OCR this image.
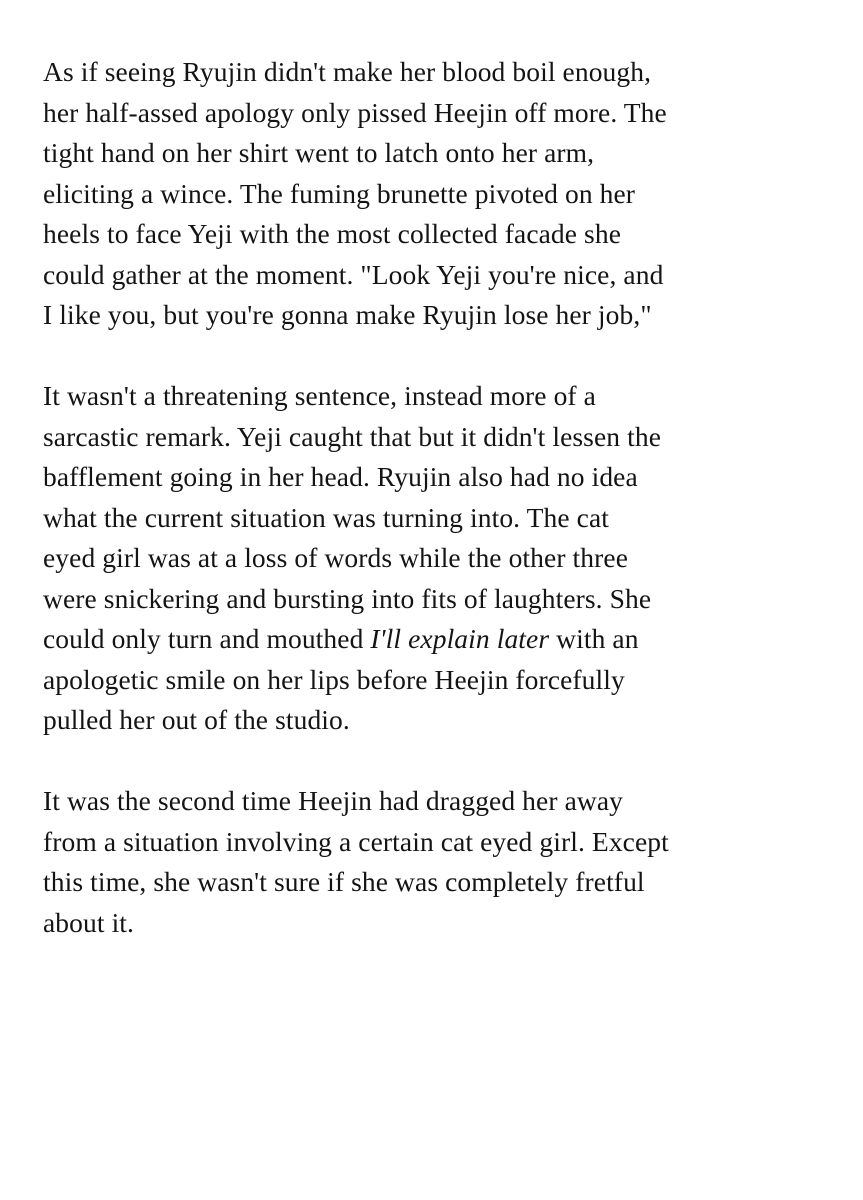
As if seeing Ryujin didn't make her blood boil enough,
her half-assed apology only pissed Heejin off more. The
tight hand on her shirt went to latch onto her arm,
eliciting a wince. The fuming brunette pivoted on her
heels to face Yeji with the most collected facade she
could gather at the moment. "Look Yeji you're nice, and
I like you, but you're gonna make Ryujin lose her job,"

It wasn't a threatening sentence, instead more of a
sarcastic remark. Yeji caught that but it didn't lessen the
bafflement going in her head. Ryujin also had no idea
what the current situation was turning into. The cat
eyed girl was at a loss of words while the other three
were snickering and bursting into fits of laughters. She
could only turn and mouthed I'll explain later with an
apologetic smile on her lips before Heejin forcefully
pulled her out of the studio.

It was the second time Heejin had dragged her away
from a situation involving a certain cat eyed girl. Except
this time, she wasn't sure if she was completely fretful
about it.
